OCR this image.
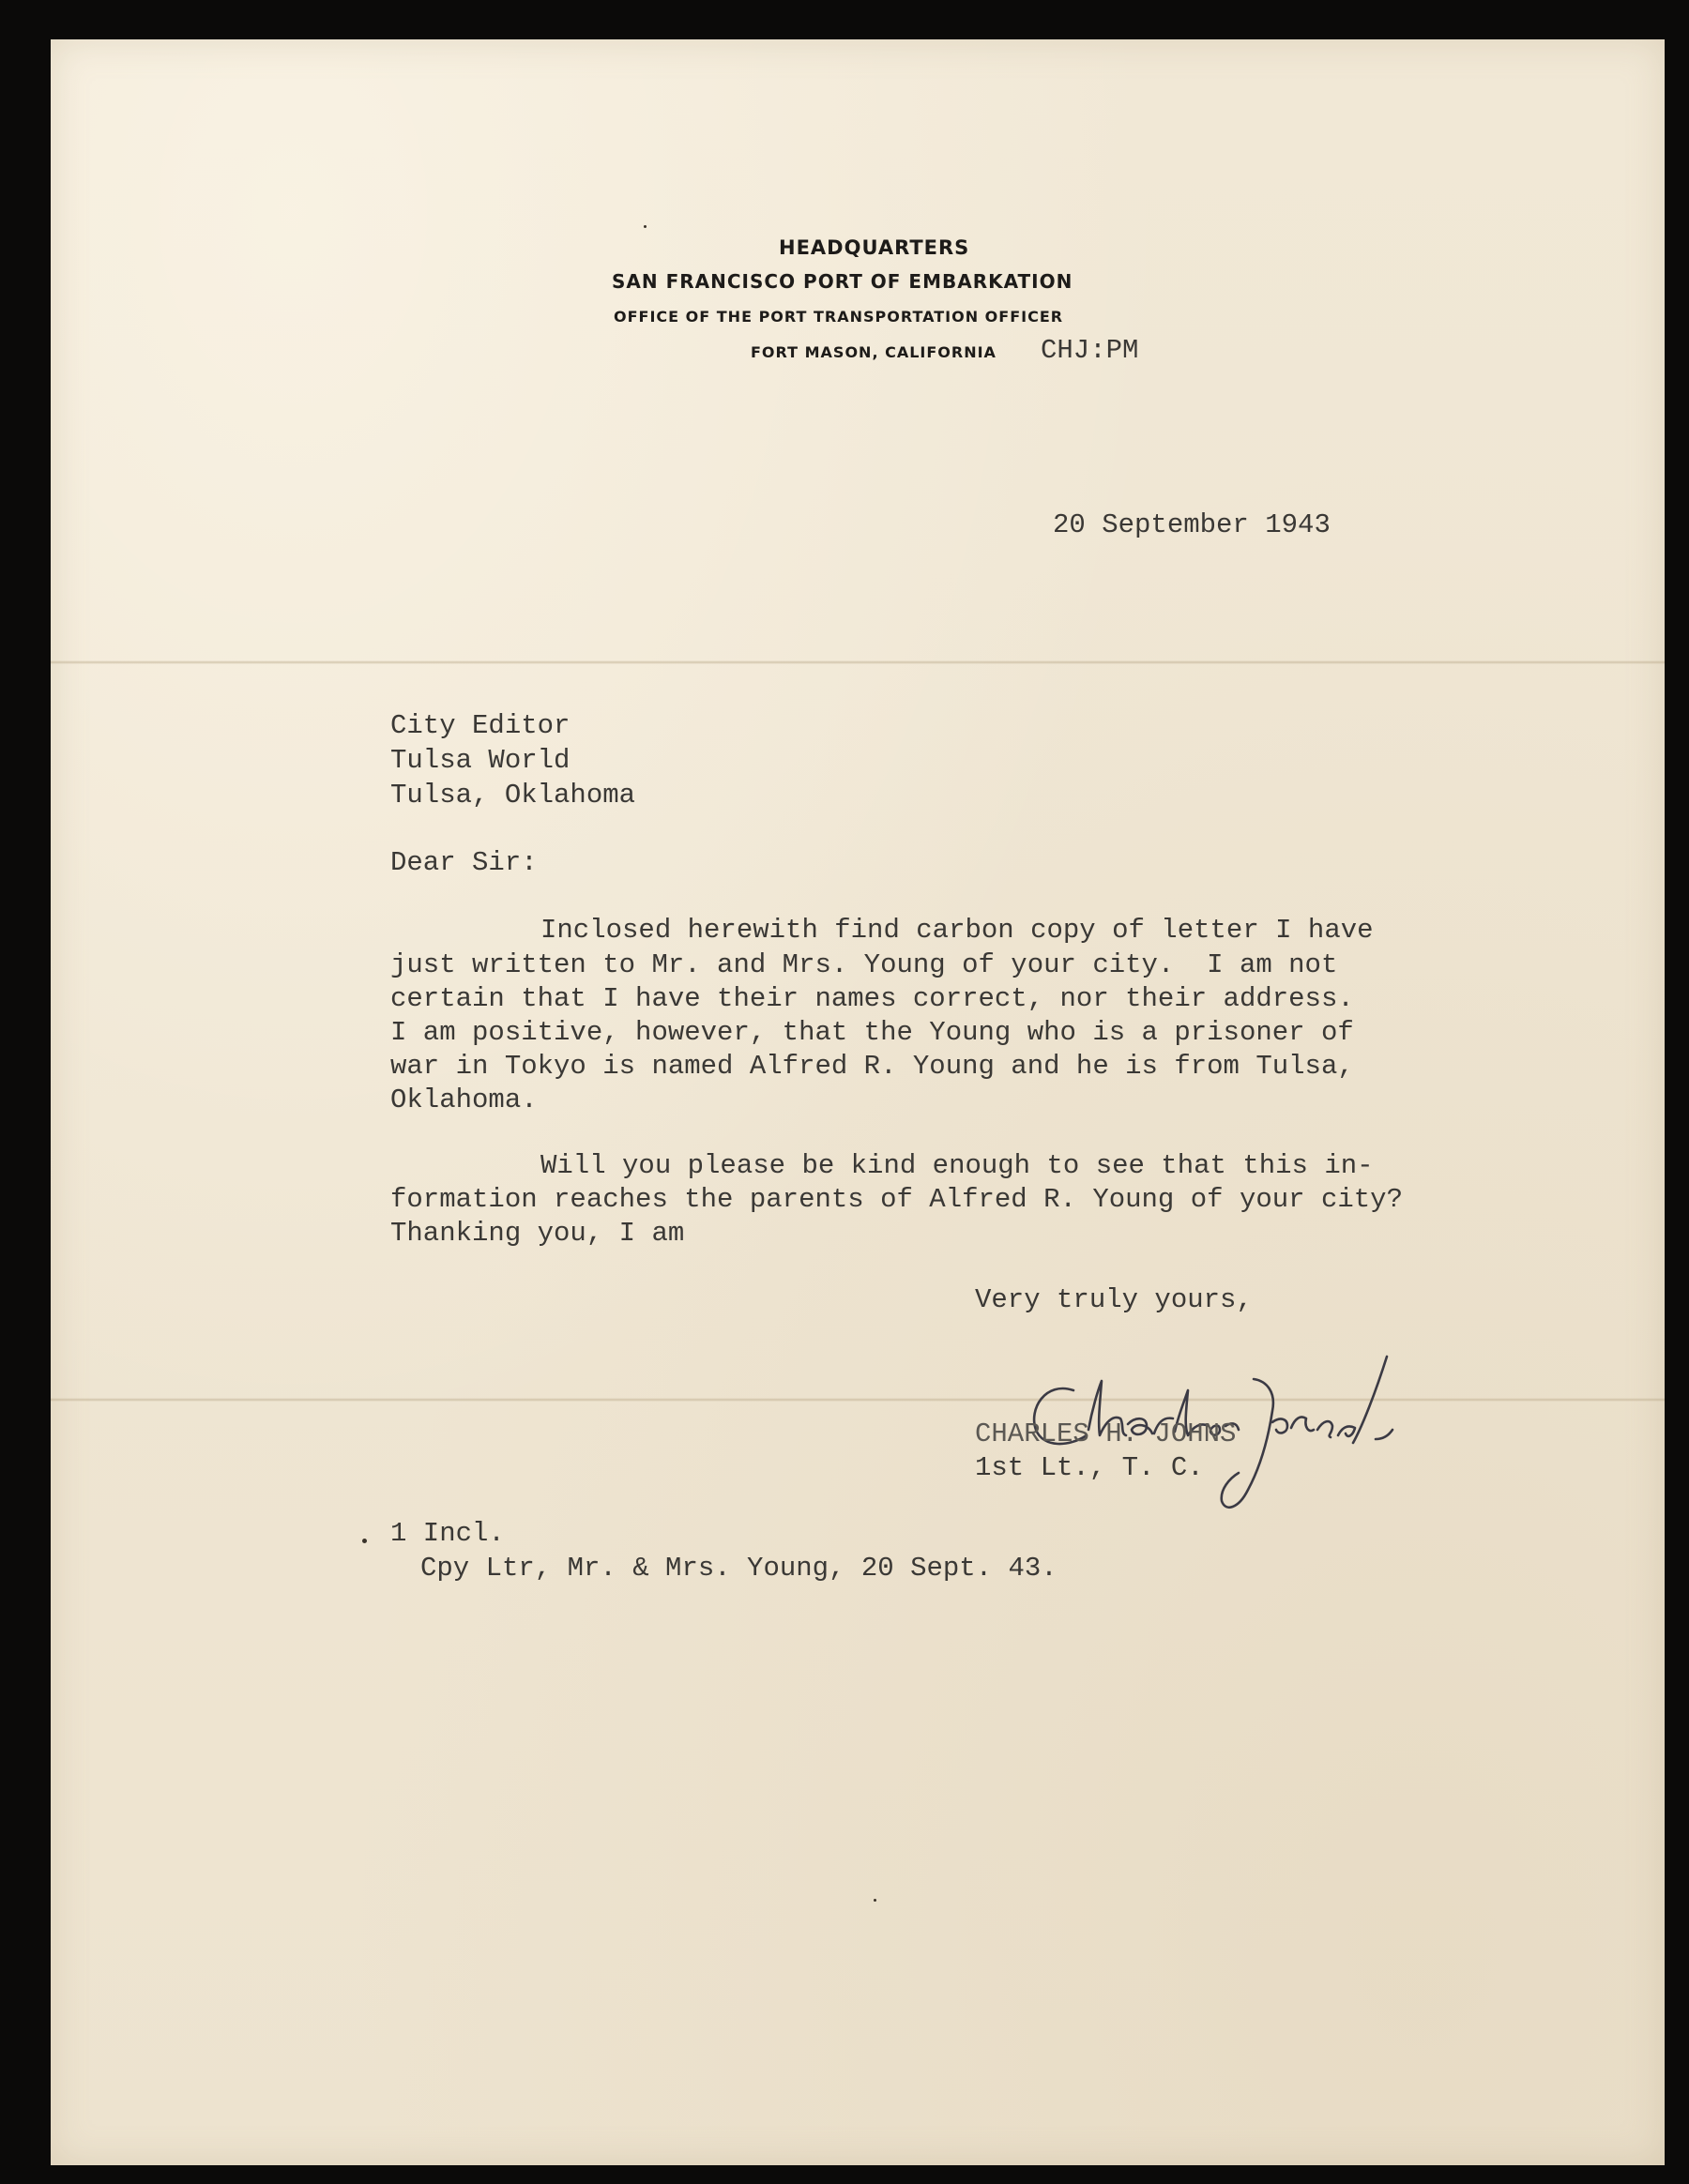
HEADQUARTERS
SAN FRANCISCO PORT OF EMBARKATION
OFFICE OF THE PORT TRANSPORTATION OFFICER
FORT MASON, CALIFORNIA CHJ:PM
20 September 1943
City Editor
Tulsa World
Tulsa, Oklahoma
Dear Sir:
Inclosed herewith find carbon copy of letter I have
just written to Mr. and Mrs. Young of your city.  I am not
certain that I have their names correct, nor their address.
I am positive, however, that the Young who is a prisoner of
war in Tokyo is named Alfred R. Young and he is from Tulsa,
Oklahoma.
Will you please be kind enough to see that this in-
formation reaches the parents of Alfred R. Young of your city?
Thanking you, I am
Very truly yours,
CHARLES H. JOHNS
1st Lt., T. C.
1 Incl.
Cpy Ltr, Mr. & Mrs. Young, 20 Sept. 43.
